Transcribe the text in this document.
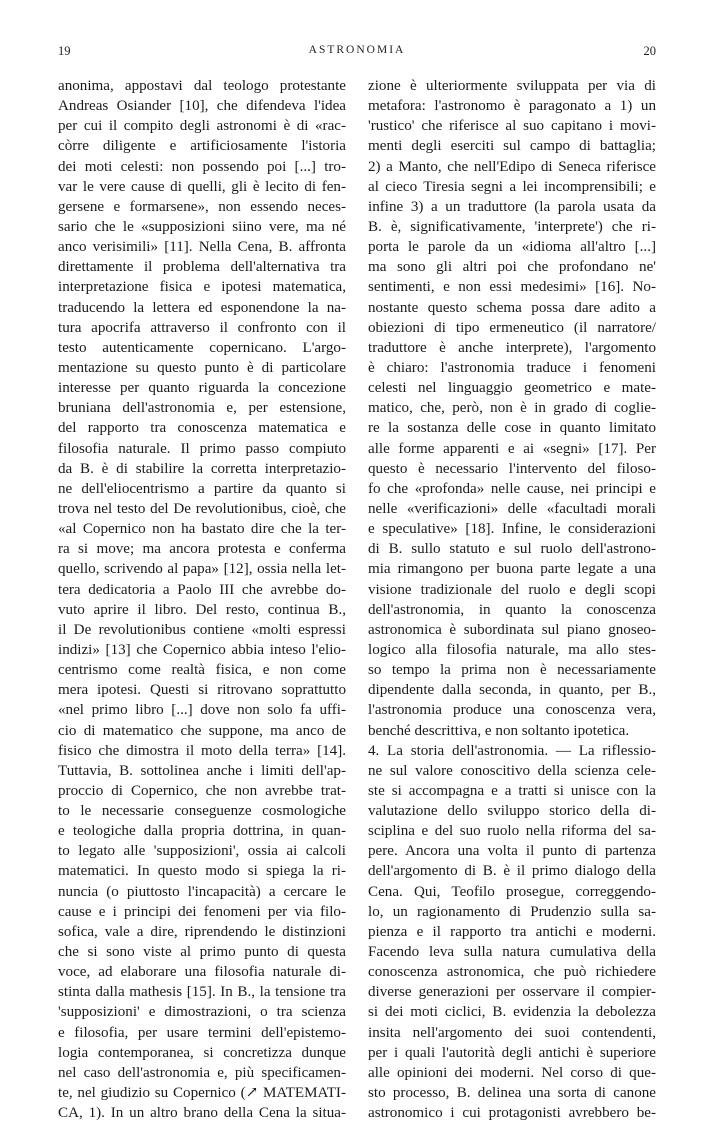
19	ASTRONOMIA	20
anonima, appostavi dal teologo protestante
Andreas Osiander [10], che difendeva l'idea
per cui il compito degli astronomi è di «rac-
còrre diligente e artificiosamente l'istoria
dei moti celesti: non possendo poi [...] tro-
var le vere cause di quelli, gli è lecito di fen-
gersene e formarsene», non essendo neces-
sario che le «supposizioni siino vere, ma né
anco verisimili» [11]. Nella Cena, B. affronta
direttamente il problema dell'alternativa tra
interpretazione fisica e ipotesi matematica,
traducendo la lettera ed esponendone la na-
tura apocrifa attraverso il confronto con il
testo autenticamente copernicano. L'argo-
mentazione su questo punto è di particolare
interesse per quanto riguarda la concezione
bruniana dell'astronomia e, per estensione,
del rapporto tra conoscenza matematica e
filosofia naturale. Il primo passo compiuto
da B. è di stabilire la corretta interpretazio-
ne dell'eliocentrismo a partire da quanto si
trova nel testo del De revolutionibus, cioè, che
«al Copernico non ha bastato dire che la ter-
ra si move; ma ancora protesta e conferma
quello, scrivendo al papa» [12], ossia nella let-
tera dedicatoria a Paolo III che avrebbe do-
vuto aprire il libro. Del resto, continua B.,
il De revolutionibus contiene «molti espressi
indizi» [13] che Copernico abbia inteso l'elio-
centrismo come realtà fisica, e non come
mera ipotesi. Questi si ritrovano soprattutto
«nel primo libro [...] dove non solo fa uffi-
cio di matematico che suppone, ma anco de
fisico che dimostra il moto della terra» [14].
Tuttavia, B. sottolinea anche i limiti dell'ap-
proccio di Copernico, che non avrebbe trat-
to le necessarie conseguenze cosmologiche
e teologiche dalla propria dottrina, in quan-
to legato alle 'supposizioni', ossia ai calcoli
matematici. In questo modo si spiega la ri-
nuncia (o piuttosto l'incapacità) a cercare le
cause e i principi dei fenomeni per via filo-
sofica, vale a dire, riprendendo le distinzioni
che si sono viste al primo punto di questa
voce, ad elaborare una filosofia naturale di-
stinta dalla mathesis [15]. In B., la tensione tra
'supposizioni' e dimostrazioni, o tra scienza
e filosofia, per usare termini dell'epistemo-
logia contemporanea, si concretizza dunque
nel caso dell'astronomia e, più specificamen-
te, nel giudizio su Copernico (↗ MATEMATI-
CA, 1). In un altro brano della Cena la situa-
zione è ulteriormente sviluppata per via di
metafora: l'astronomo è paragonato a 1) un
'rustico' che riferisce al suo capitano i movi-
menti degli eserciti sul campo di battaglia;
2) a Manto, che nell'Edipo di Seneca riferisce
al cieco Tiresia segni a lei incomprensibili; e
infine 3) a un traduttore (la parola usata da
B. è, significativamente, 'interprete') che ri-
porta le parole da un «idioma all'altro [...]
ma sono gli altri poi che profondano ne'
sentimenti, e non essi medesimi» [16]. No-
nostante questo schema possa dare adito a
obiezioni di tipo ermeneutico (il narratore/
traduttore è anche interprete), l'argomento
è chiaro: l'astronomia traduce i fenomeni
celesti nel linguaggio geometrico e mate-
matico, che, però, non è in grado di coglie-
re la sostanza delle cose in quanto limitato
alle forme apparenti e ai «segni» [17]. Per
questo è necessario l'intervento del filoso-
fo che «profonda» nelle cause, nei principi e
nelle «verificazioni» delle «facultadi morali
e speculative» [18]. Infine, le considerazioni
di B. sullo statuto e sul ruolo dell'astrono-
mia rimangono per buona parte legate a una
visione tradizionale del ruolo e degli scopi
dell'astronomia, in quanto la conoscenza
astronomica è subordinata sul piano gnoseo-
logico alla filosofia naturale, ma allo stes-
so tempo la prima non è necessariamente
dipendente dalla seconda, in quanto, per B.,
l'astronomia produce una conoscenza vera,
benché descrittiva, e non soltanto ipotetica.
4. La storia dell'astronomia. — La riflessio-
ne sul valore conoscitivo della scienza cele-
ste si accompagna e a tratti si unisce con la
valutazione dello sviluppo storico della di-
sciplina e del suo ruolo nella riforma del sa-
pere. Ancora una volta il punto di partenza
dell'argomento di B. è il primo dialogo della
Cena. Qui, Teofilo prosegue, correggendo-
lo, un ragionamento di Prudenzio sulla sa-
pienza e il rapporto tra antichi e moderni.
Facendo leva sulla natura cumulativa della
conoscenza astronomica, che può richiedere
diverse generazioni per osservare il compier-
si dei moti ciclici, B. evidenzia la debolezza
insita nell'argomento dei suoi contendenti,
per i quali l'autorità degli antichi è superiore
alle opinioni dei moderni. Nel corso di que-
sto processo, B. delinea una sorta di canone
astronomico i cui protagonisti avrebbero be-
